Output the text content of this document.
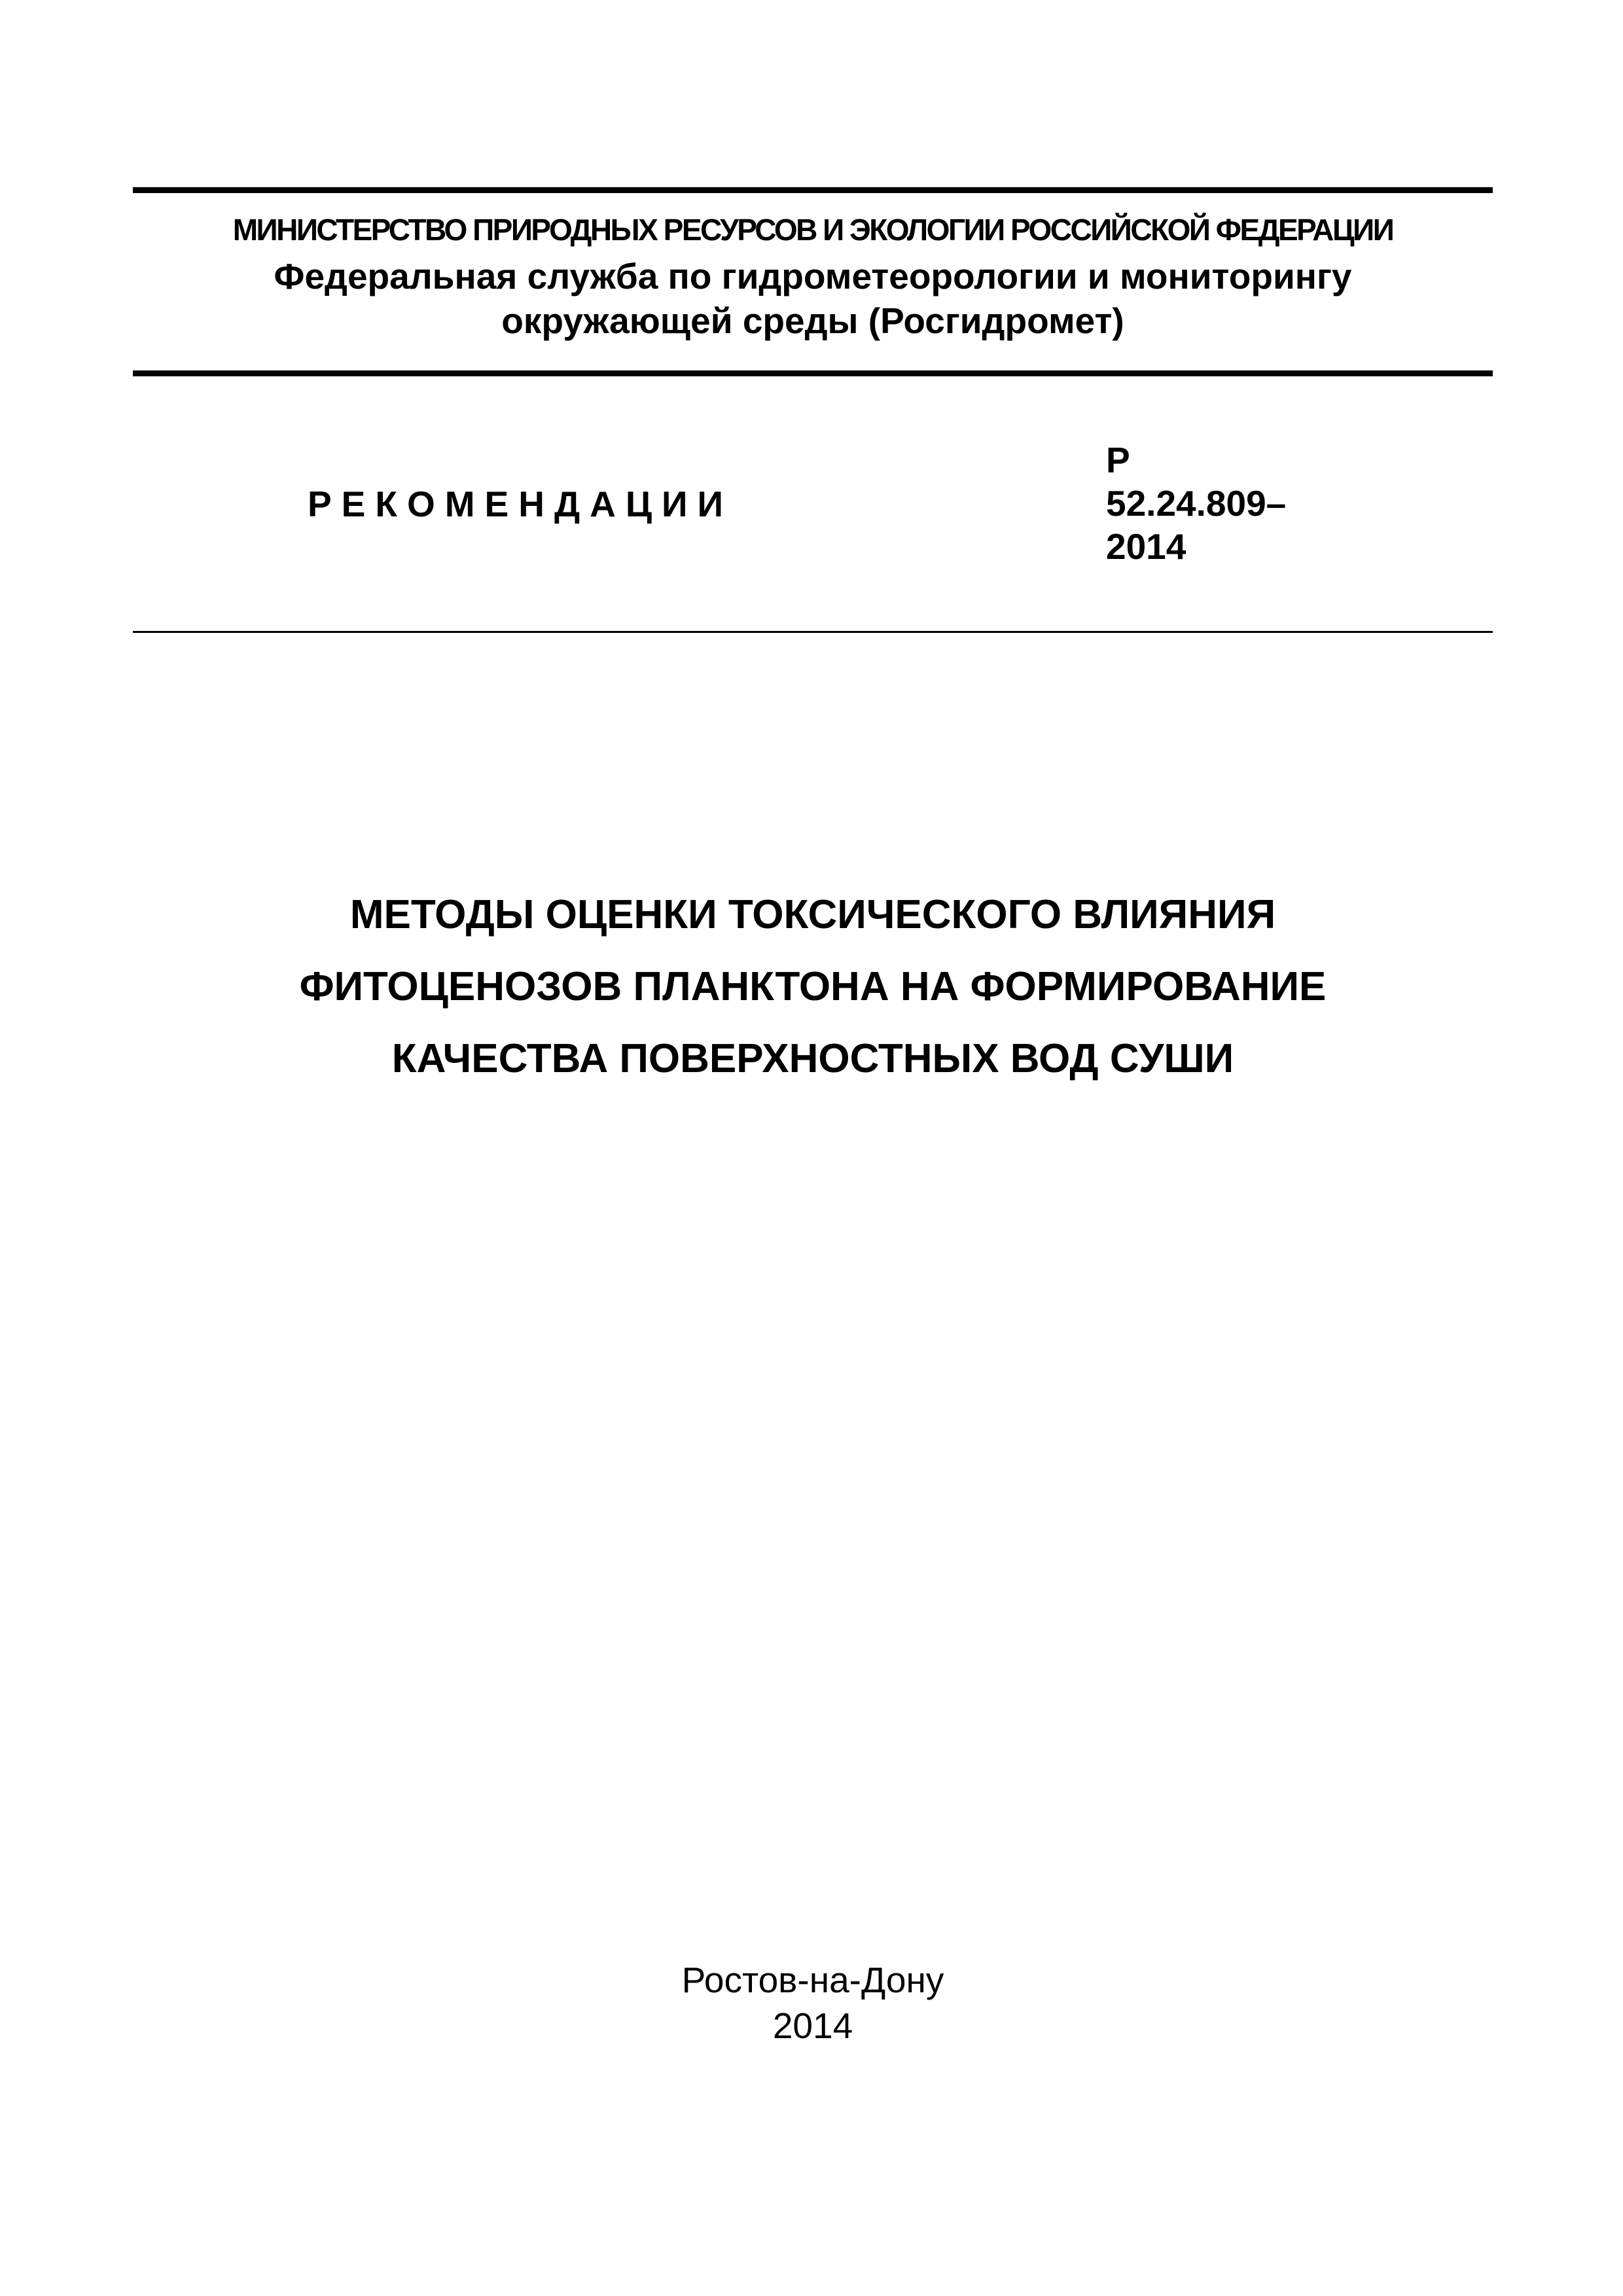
МИНИСТЕРСТВО ПРИРОДНЫХ РЕСУРСОВ И ЭКОЛОГИИ РОССИЙСКОЙ ФЕДЕРАЦИИ
Федеральная служба по гидрометеорологии и мониторингу
окружающей среды (Росгидромет)
РЕКОМЕНДАЦИИ
Р
52.24.809–
2014
МЕТОДЫ ОЦЕНКИ ТОКСИЧЕСКОГО ВЛИЯНИЯ
ФИТОЦЕНОЗОВ ПЛАНКТОНА НА ФОРМИРОВАНИЕ
КАЧЕСТВА ПОВЕРХНОСТНЫХ ВОД СУШИ
Ростов-на-Дону
2014
